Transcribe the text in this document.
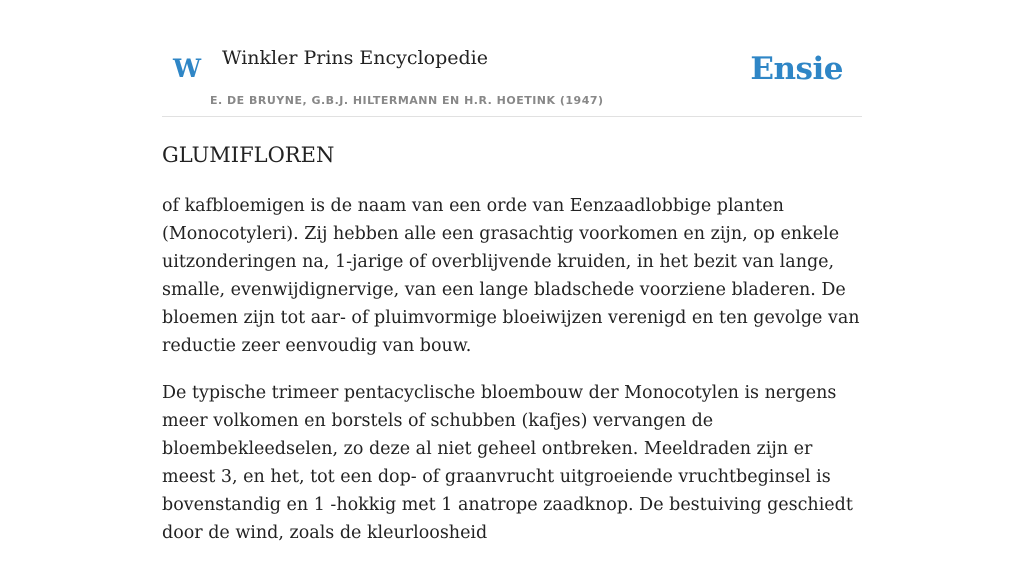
W Winkler Prins Encyclopedie
E. DE BRUYNE, G.B.J. HILTERMANN EN H.R. HOETINK (1947)
Ensie
GLUMIFLOREN

of kafbloemigen is de naam van een orde van Eenzaadlobbige planten (Monocotyleri). Zij hebben alle een grasachtig voorkomen en zijn, op enkele uitzonderingen na, 1-jarige of overblijvende kruiden, in het bezit van lange, smalle, evenwijdignervige, van een lange bladschede voorziene bladeren. De bloemen zijn tot aar- of pluimvormige bloeiwijzen verenigd en ten gevolge van reductie zeer eenvoudig van bouw.

De typische trimeer pentacyclische bloembouw der Monocotylen is nergens meer volkomen en borstels of schubben (kafjes) vervangen de bloembekleedselen, zo deze al niet geheel ontbreken. Meeldraden zijn er meest 3, en het, tot een dop- of graanvrucht uitgroeiende vruchtbeginsel is bovenstandig en 1 -hokkig met 1 anatrope zaadknop. De bestuiving geschiedt door de wind, zoals de kleurloosheid
